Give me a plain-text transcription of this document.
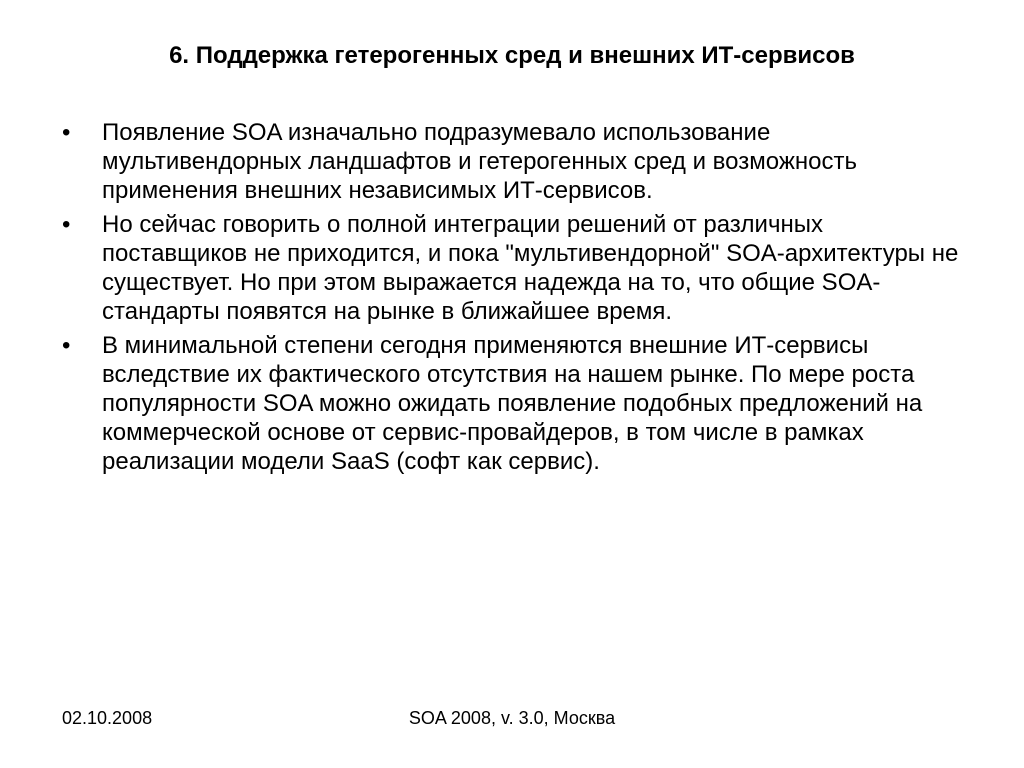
6. Поддержка гетерогенных сред и внешних ИТ-сервисов
•	Появление SOA изначально подразумевало использование мультивендорных ландшафтов и гетерогенных сред и возможность применения внешних независимых ИТ-сервисов.
•	Но сейчас говорить о полной интеграции решений от различных поставщиков не приходится, и пока "мультивендорной" SOA-архитектуры не существует. Но при этом выражается надежда на то, что общие SOA-стандарты появятся на рынке в ближайшее время.
•	В минимальной степени сегодня применяются внешние ИТ-сервисы вследствие их фактического отсутствия на нашем рынке. По мере роста популярности SOA можно ожидать появление подобных предложений на коммерческой основе от сервис-провайдеров, в том числе в рамках реализации модели SaaS (софт как сервис).
02.10.2008	SOA 2008, v. 3.0, Москва
